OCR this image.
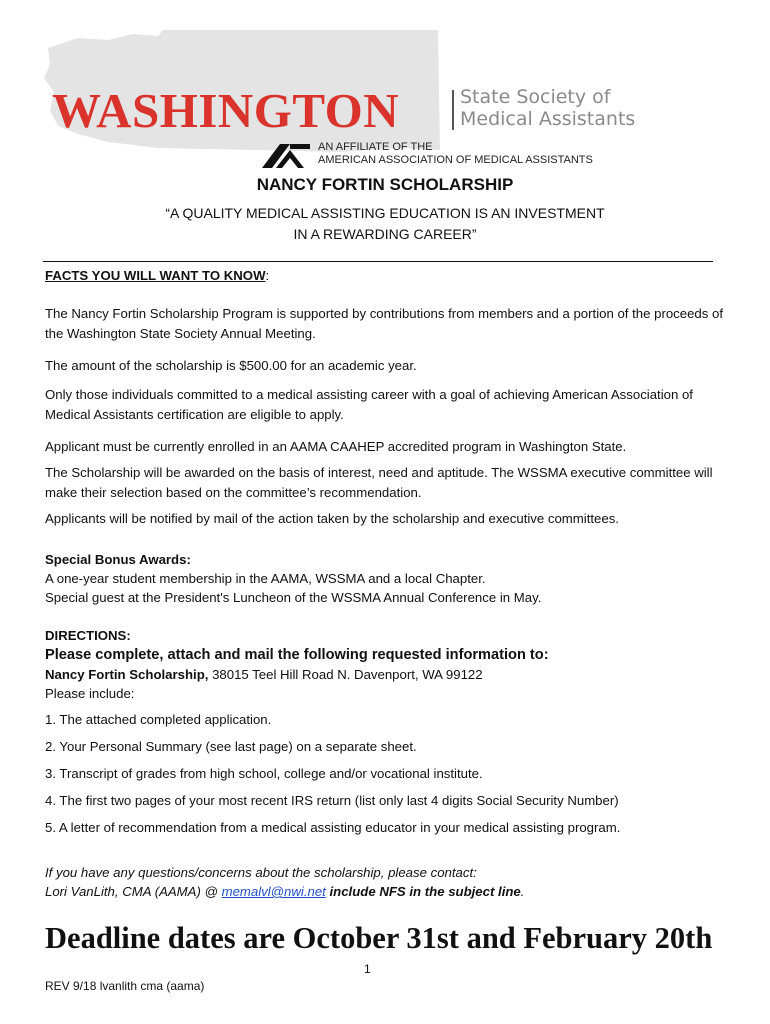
WASHINGTON	State Society of
Medical Assistants
AN AFFILIATE OF THE
AMERICAN ASSOCIATION OF MEDICAL ASSISTANTS
NANCY FORTIN SCHOLARSHIP
“A QUALITY MEDICAL ASSISTING EDUCATION IS AN INVESTMENT
IN A REWARDING CAREER”
FACTS YOU WILL WANT TO KNOW:
The Nancy Fortin Scholarship Program is supported by contributions from members and a portion of the proceeds of the Washington State Society Annual Meeting.
The amount of the scholarship is $500.00 for an academic year.
Only those individuals committed to a medical assisting career with a goal of achieving American Association of Medical Assistants certification are eligible to apply.
Applicant must be currently enrolled in an AAMA CAAHEP accredited program in Washington State.
The Scholarship will be awarded on the basis of interest, need and aptitude. The WSSMA executive committee will make their selection based on the committee’s recommendation.
Applicants will be notified by mail of the action taken by the scholarship and executive committees.
Special Bonus Awards:
A one-year student membership in the AAMA, WSSMA and a local Chapter.
Special guest at the President's Luncheon of the WSSMA Annual Conference in May.
DIRECTIONS:
Please complete, attach and mail the following requested information to:
Nancy Fortin Scholarship, 38015 Teel Hill Road N. Davenport, WA 99122
Please include:
1. The attached completed application.
2. Your Personal Summary (see last page) on a separate sheet.
3. Transcript of grades from high school, college and/or vocational institute.
4. The first two pages of your most recent IRS return (list only last 4 digits Social Security Number)
5. A letter of recommendation from a medical assisting educator in your medical assisting program.
If you have any questions/concerns about the scholarship, please contact:
Lori VanLith, CMA (AAMA) @ memalvl@nwi.net include NFS in the subject line.
Deadline dates are October 31st and February 20th
1
REV 9/18 lvanlith cma (aama)
